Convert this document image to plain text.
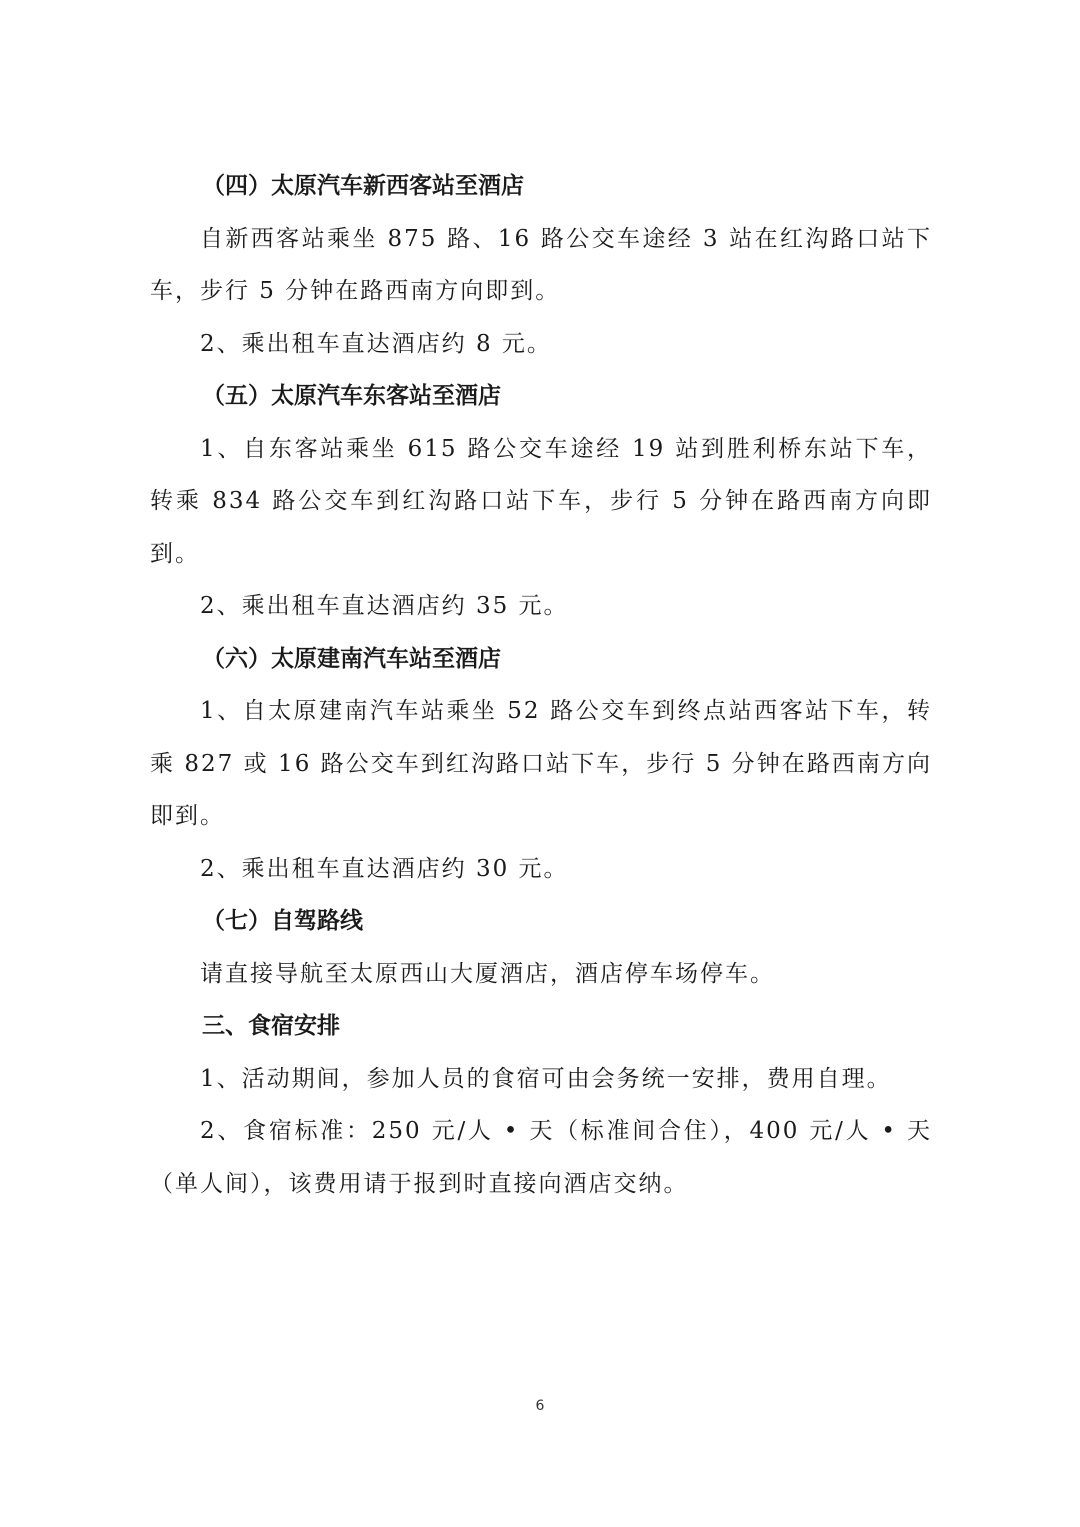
（四）太原汽车新西客站至酒店

自新西客站乘坐 875 路、16 路公交车途经 3 站在红沟路口站下车，步行 5 分钟在路西南方向即到。

2、乘出租车直达酒店约 8 元。

（五）太原汽车东客站至酒店

1、自东客站乘坐 615 路公交车途经 19 站到胜利桥东站下车，转乘 834 路公交车到红沟路口站下车，步行 5 分钟在路西南方向即到。

2、乘出租车直达酒店约 35 元。

（六）太原建南汽车站至酒店

1、自太原建南汽车站乘坐 52 路公交车到终点站西客站下车，转乘 827 或 16 路公交车到红沟路口站下车，步行 5 分钟在路西南方向即到。

2、乘出租车直达酒店约 30 元。

（七）自驾路线

请直接导航至太原西山大厦酒店，酒店停车场停车。

三、食宿安排

1、活动期间，参加人员的食宿可由会务统一安排，费用自理。

2、食宿标准：250 元/人 • 天（标准间合住），400 元/人 • 天（单人间），该费用请于报到时直接向酒店交纳。

6
